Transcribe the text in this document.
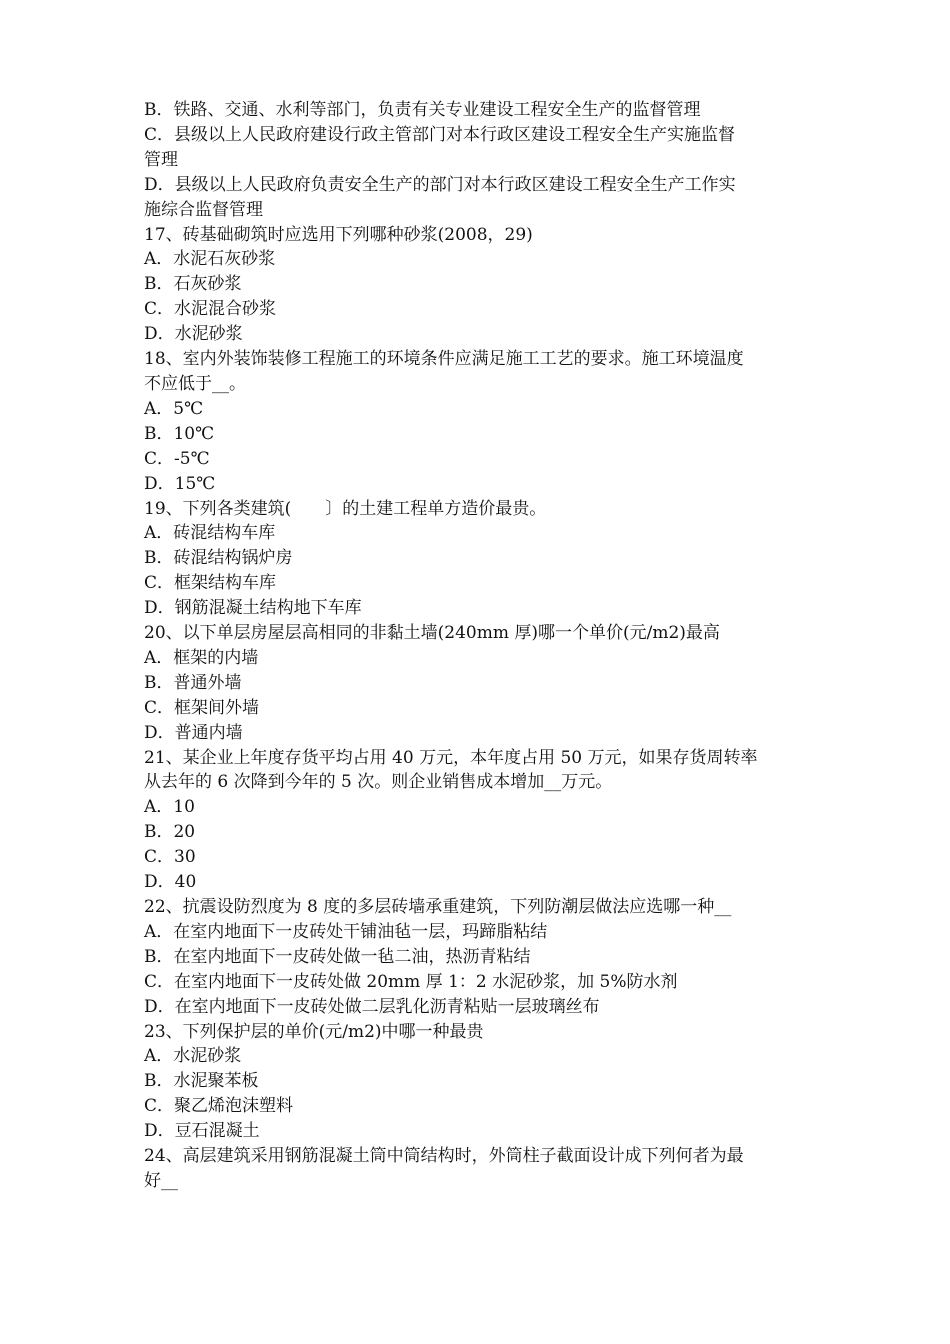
B．铁路、交通、水利等部门，负责有关专业建设工程安全生产的监督管理
C．县级以上人民政府建设行政主管部门对本行政区建设工程安全生产实施监督
管理
D．县级以上人民政府负责安全生产的部门对本行政区建设工程安全生产工作实
施综合监督管理
17、砖基础砌筑时应选用下列哪种砂浆(2008，29)
A．水泥石灰砂浆
B．石灰砂浆
C．水泥混合砂浆
D．水泥砂浆
18、室内外装饰装修工程施工的环境条件应满足施工工艺的要求。施工环境温度
不应低于__。
A．5℃
B．10℃
C．-5℃
D．15℃
19、下列各类建筑(　　〕的土建工程单方造价最贵。
A．砖混结构车库
B．砖混结构锅炉房
C．框架结构车库
D．钢筋混凝土结构地下车库
20、以下单层房屋层高相同的非黏土墙(240mm 厚)哪一个单价(元/m2)最高
A．框架的内墙
B．普通外墙
C．框架间外墙
D．普通内墙
21、某企业上年度存货平均占用 40 万元，本年度占用 50 万元，如果存货周转率
从去年的 6 次降到今年的 5 次。则企业销售成本增加__万元。
A．10
B．20
C．30
D．40
22、抗震设防烈度为 8 度的多层砖墙承重建筑，下列防潮层做法应选哪一种__
A．在室内地面下一皮砖处干铺油毡一层，玛蹄脂粘结
B．在室内地面下一皮砖处做一毡二油，热沥青粘结
C．在室内地面下一皮砖处做 20mm 厚 1：2 水泥砂浆，加 5%防水剂
D．在室内地面下一皮砖处做二层乳化沥青粘贴一层玻璃丝布
23、下列保护层的单价(元/m2)中哪一种最贵
A．水泥砂浆
B．水泥聚苯板
C．聚乙烯泡沫塑料
D．豆石混凝土
24、高层建筑采用钢筋混凝土筒中筒结构时，外筒柱子截面设计成下列何者为最
好__
